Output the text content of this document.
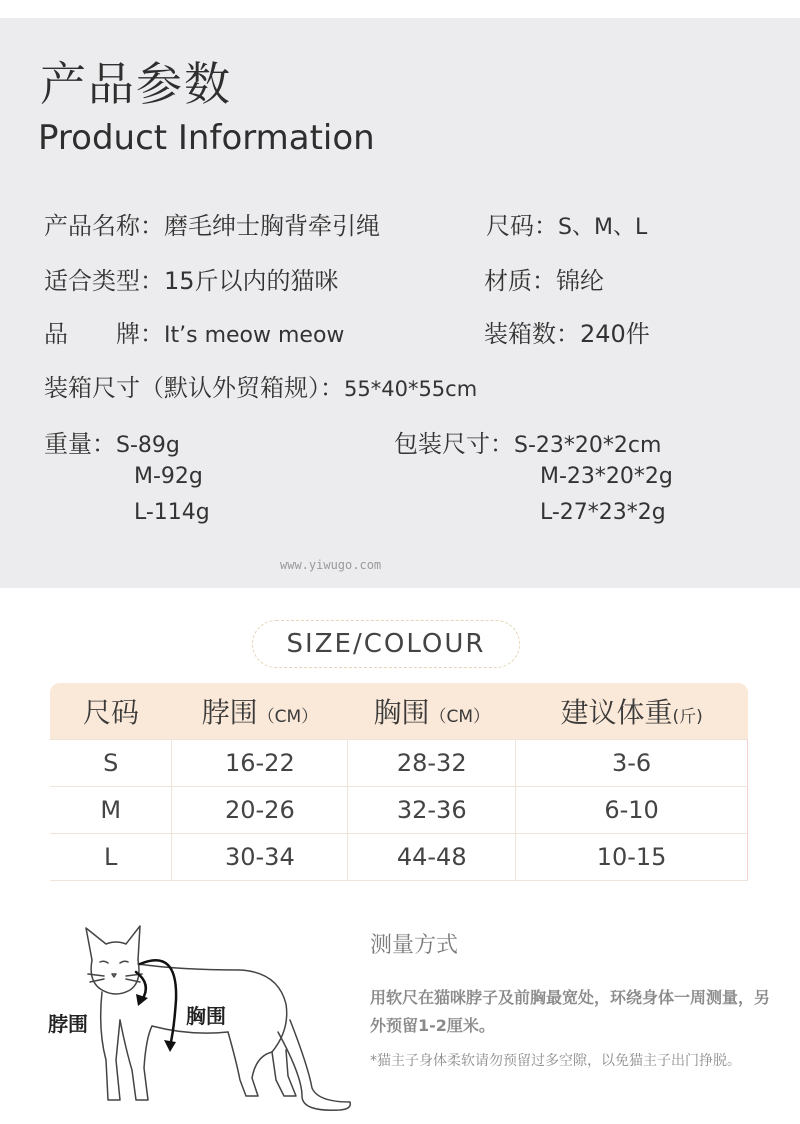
产品参数
Product Information
产品名称：磨毛绅士胸背牵引绳	尺码：S、M、L
适合类型：15斤以内的猫咪	材质：锦纶
品　　牌：It’s meow meow	装箱数：240件
装箱尺寸（默认外贸箱规）：55*40*55cm
重量：S-89g
M-92g
L-114g
包装尺寸：S-23*20*2cm
M-23*20*2g
L-27*23*2g
www.yiwugo.com
SIZE/COLOUR
尺码	脖围（CM）	胸围（CM）	建议体重(斤)
S	16-22	28-32	3-6
M	20-26	32-36	6-10
L	30-34	44-48	10-15
脖围	胸围
测量方式
用软尺在猫咪脖子及前胸最宽处，环绕身体一周测量，另外预留1-2厘米。
*猫主子身体柔软请勿预留过多空隙，以免猫主子出门挣脱。
